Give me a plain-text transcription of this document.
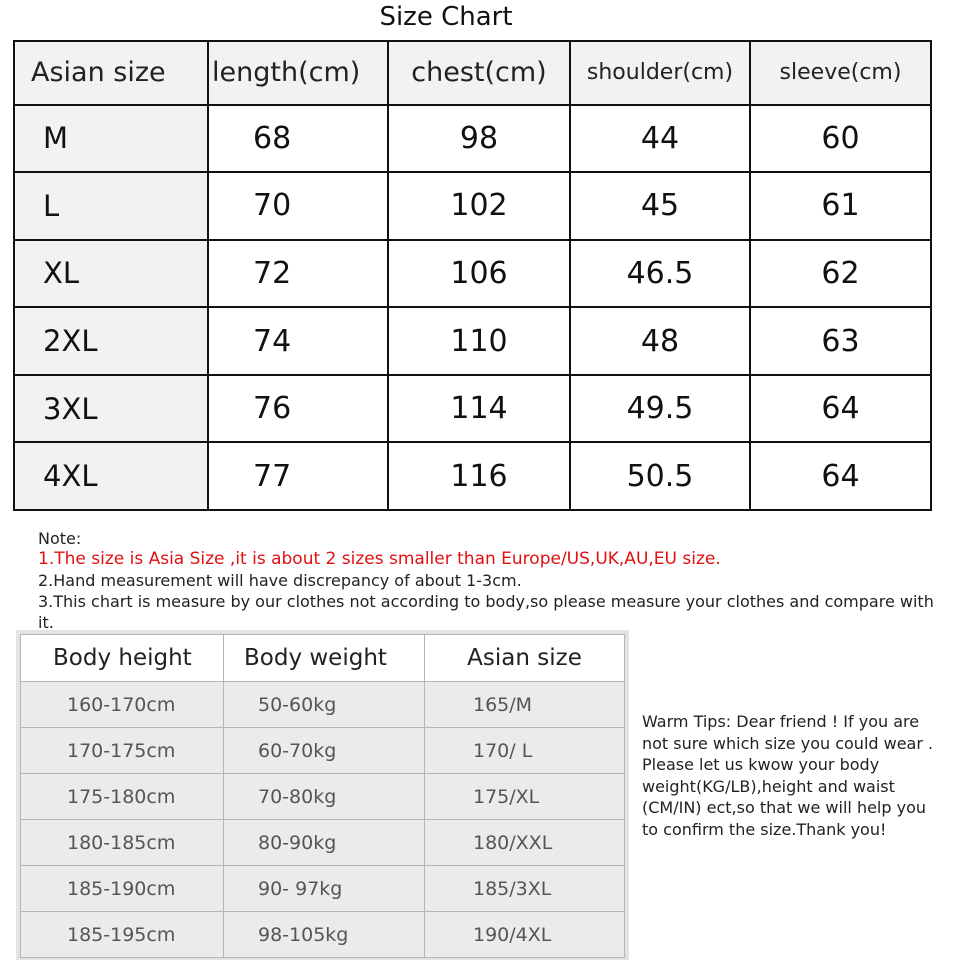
Size Chart
Asian size	length(cm)	chest(cm)	shoulder(cm)	sleeve(cm)
M	68	98	44	60
L	70	102	45	61
XL	72	106	46.5	62
2XL	74	110	48	63
3XL	76	114	49.5	64
4XL	77	116	50.5	64
Note:
1.The size is Asia Size ,it is about 2 sizes smaller than Europe/US,UK,AU,EU size.
2.Hand measurement will have discrepancy of about 1-3cm.
3.This chart is measure by our clothes not according to body,so please measure your clothes and compare with it.
Body height	Body weight	Asian size
160-170cm	50-60kg	165/M
170-175cm	60-70kg	170/ L
175-180cm	70-80kg	175/XL
180-185cm	80-90kg	180/XXL
185-190cm	90- 97kg	185/3XL
185-195cm	98-105kg	190/4XL
Warm Tips: Dear friend ! If you are
not sure which size you could wear .
Please let us kwow your body
weight(KG/LB),height and waist
(CM/IN) ect,so that we will help you
to confirm the size.Thank you!
